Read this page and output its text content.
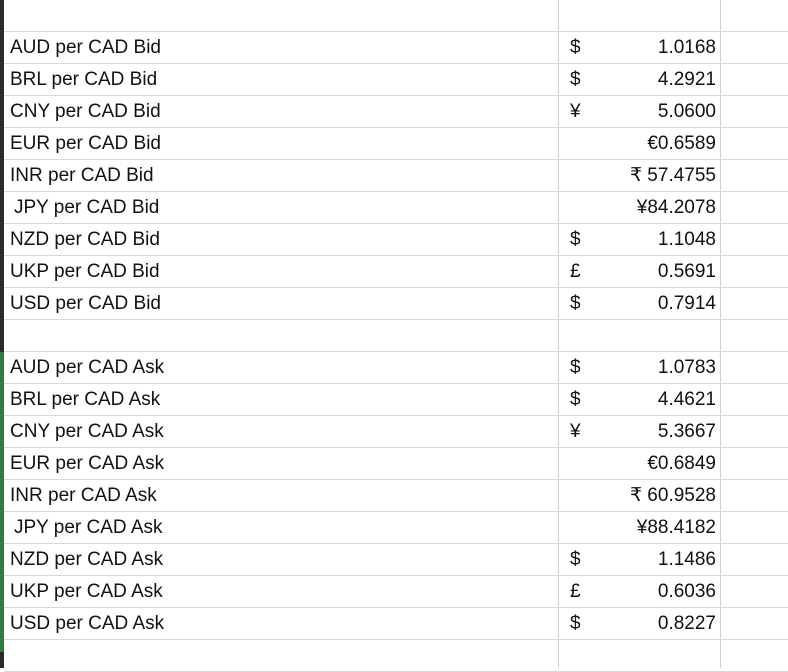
AUD per CAD Bid	$	1.0168
BRL per CAD Bid	$	4.2921
CNY per CAD Bid	¥	5.0600
EUR per CAD Bid	€0.6589
INR per CAD Bid	₹ 57.4755
JPY per CAD Bid	¥84.2078
NZD per CAD Bid	$	1.1048
UKP per CAD Bid	£	0.5691
USD per CAD Bid	$	0.7914
AUD per CAD Ask	$	1.0783
BRL per CAD Ask	$	4.4621
CNY per CAD Ask	¥	5.3667
EUR per CAD Ask	€0.6849
INR per CAD Ask	₹ 60.9528
JPY per CAD Ask	¥88.4182
NZD per CAD Ask	$	1.1486
UKP per CAD Ask	£	0.6036
USD per CAD Ask	$	0.8227
